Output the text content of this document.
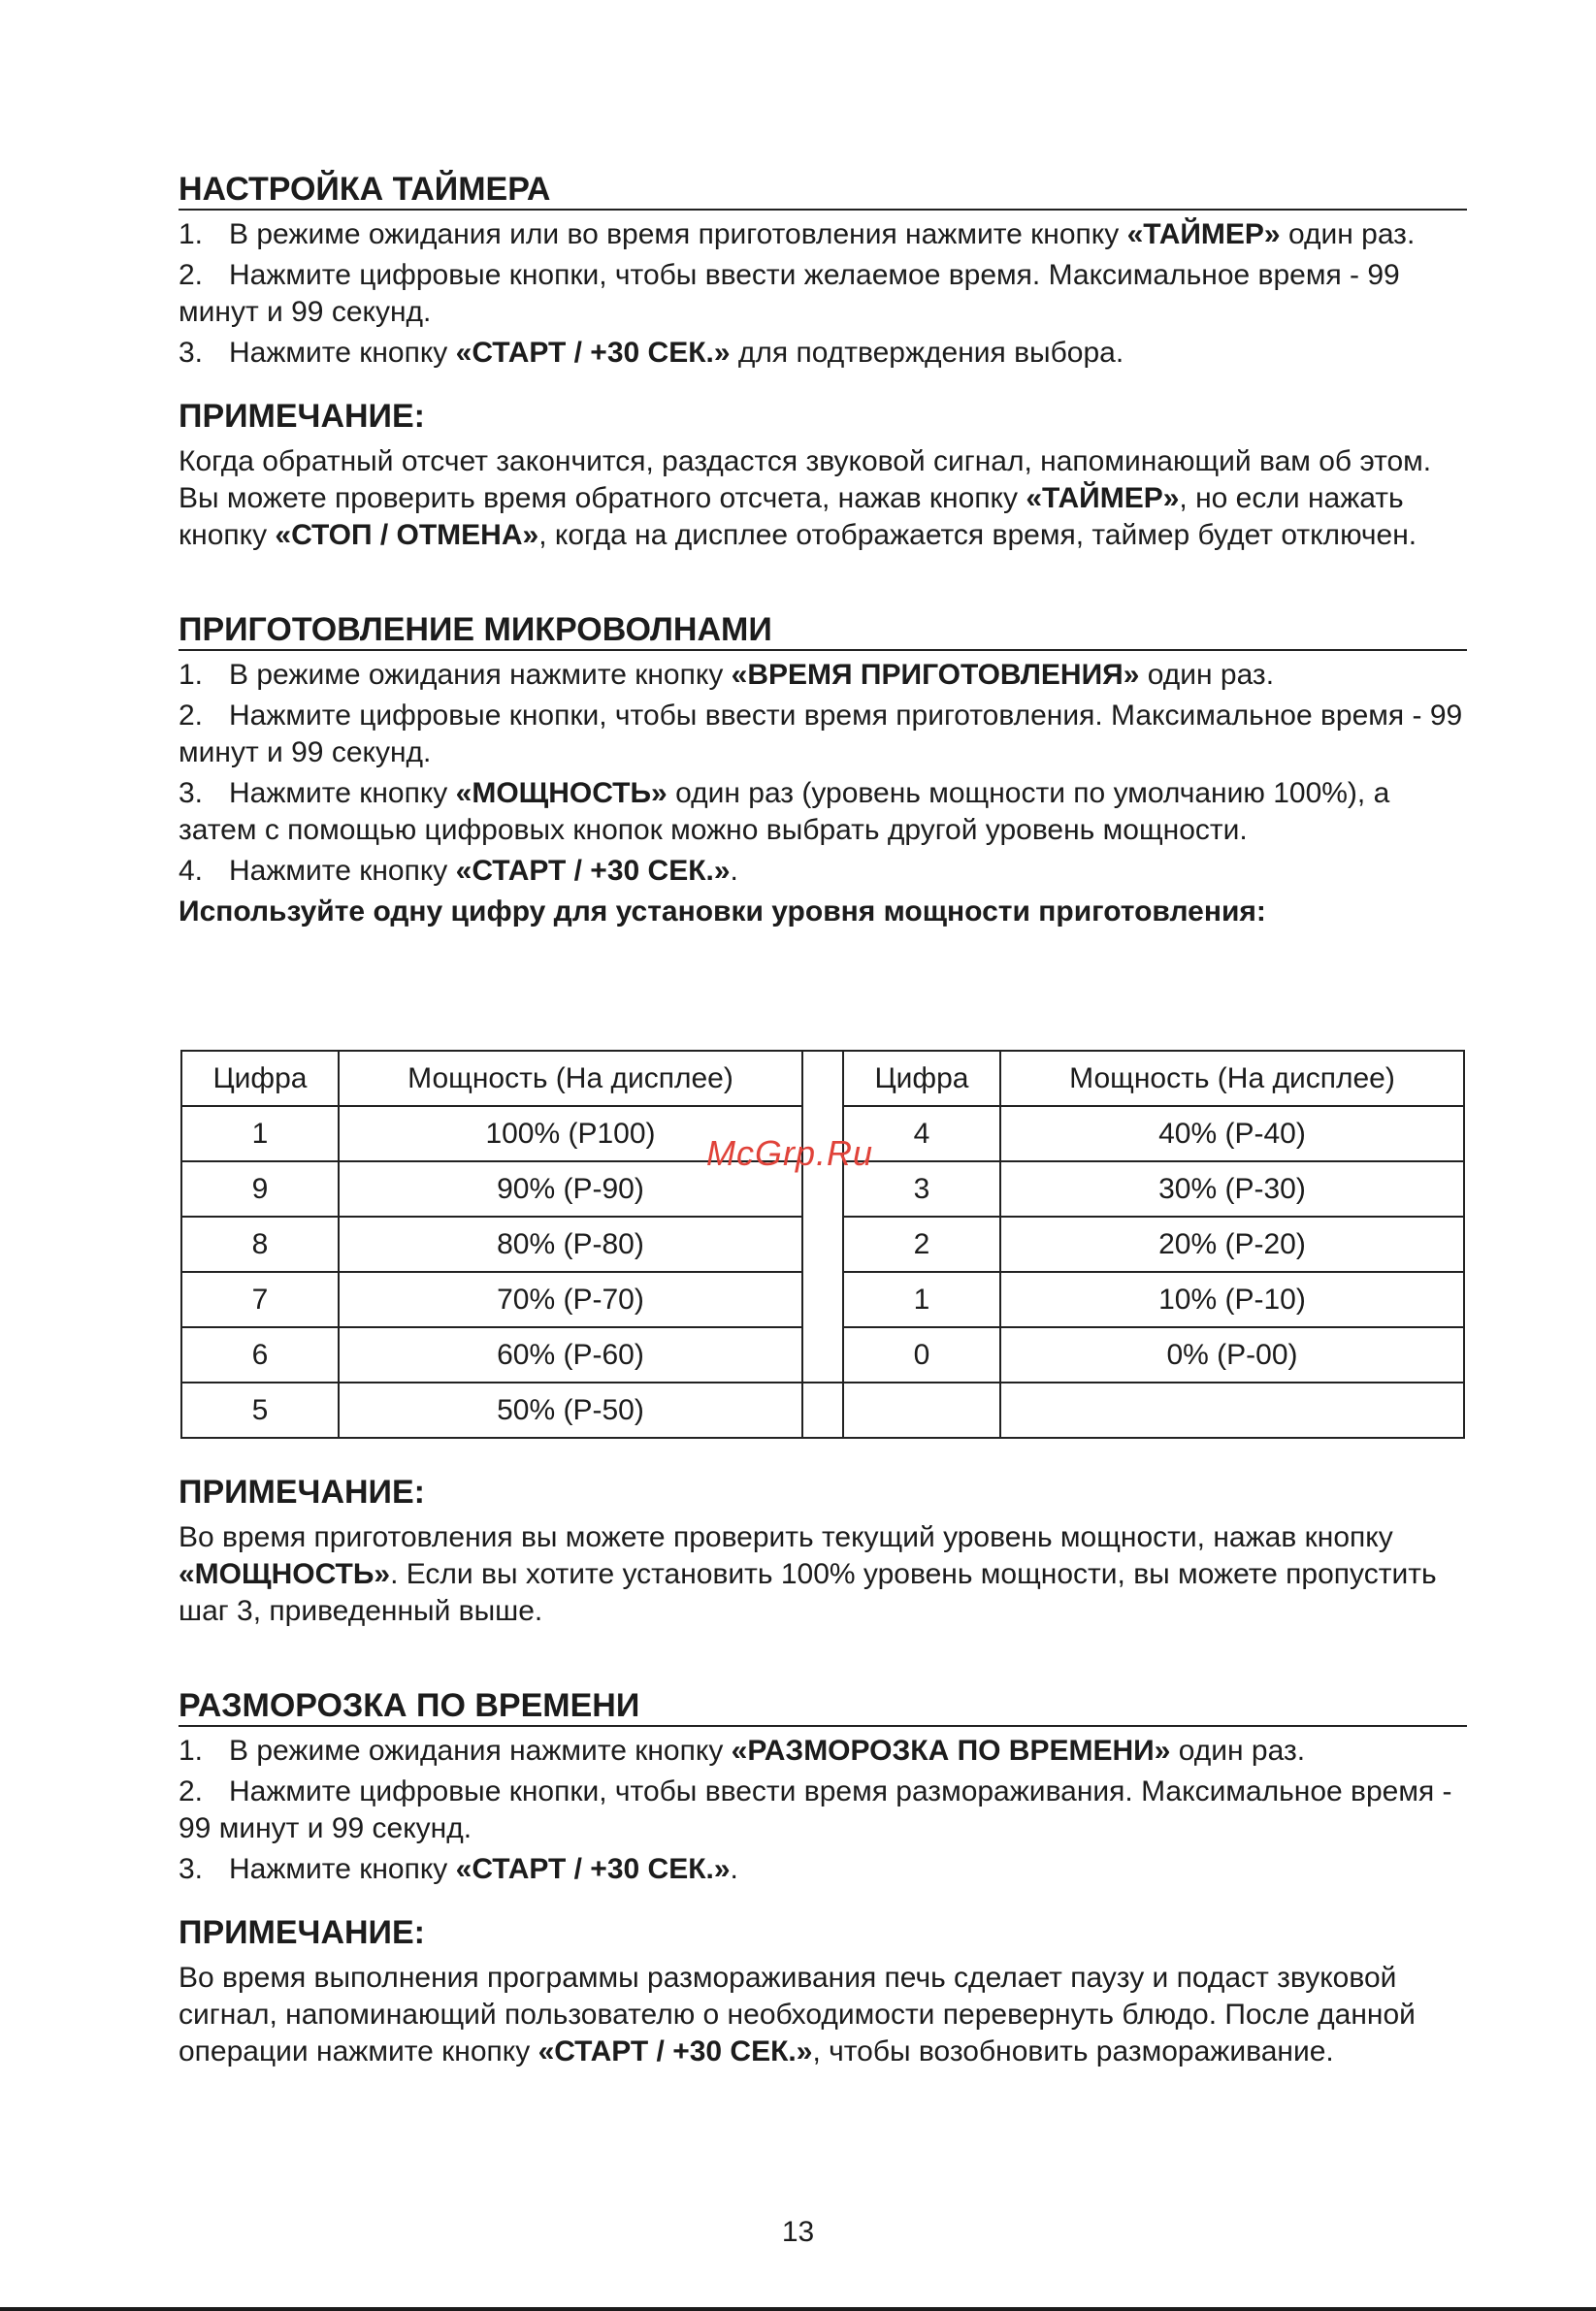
НАСТРОЙКА ТАЙМЕРА
1. В режиме ожидания или во время приготовления нажмите кнопку «ТАЙМЕР» один раз.
2. Нажмите цифровые кнопки, чтобы ввести желаемое время. Максимальное время - 99 минут и 99 секунд.
3. Нажмите кнопку «СТАРТ / +30 СЕК.» для подтверждения выбора.
ПРИМЕЧАНИЕ:

Когда обратный отсчет закончится, раздастся звуковой сигнал, напоминающий вам об этом. Вы можете проверить время обратного отсчета, нажав кнопку «ТАЙМЕР», но если нажать кнопку «СТОП / ОТМЕНА», когда на дисплее отображается время, таймер будет отключен.

ПРИГОТОВЛЕНИЕ МИКРОВОЛНАМИ
1. В режиме ожидания нажмите кнопку «ВРЕМЯ ПРИГОТОВЛЕНИЯ» один раз.
2. Нажмите цифровые кнопки, чтобы ввести время приготовления. Максимальное время - 99 минут и 99 секунд.
3. Нажмите кнопку «МОЩНОСТЬ» один раз (уровень мощности по умолчанию 100%), а затем с помощью цифровых кнопок можно выбрать другой уровень мощности.
4. Нажмите кнопку «СТАРТ / +30 СЕК.».
Используйте одну цифру для установки уровня мощности приготовления:
Цифра	Мощность (На дисплее)		Цифра	Мощность (На дисплее)
1	100% (P100)		4	40% (P-40)
9	90% (P-90)		3	30% (P-30)
8	80% (P-80)		2	20% (P-20)
7	70% (P-70)		1	10% (P-10)
6	60% (P-60)		0	0% (P-00)
5	50% (P-50)			
McGrp.Ru
ПРИМЕЧАНИЕ:

Во время приготовления вы можете проверить текущий уровень мощности, нажав кнопку «МОЩНОСТЬ». Если вы хотите установить 100% уровень мощности, вы можете пропустить шаг 3, приведенный выше.

РАЗМОРОЗКА ПО ВРЕМЕНИ
1. В режиме ожидания нажмите кнопку «РАЗМОРОЗКА ПО ВРЕМЕНИ» один раз.
2. Нажмите цифровые кнопки, чтобы ввести время размораживания. Максимальное время - 99 минут и 99 секунд.
3. Нажмите кнопку «СТАРТ / +30 СЕК.».
ПРИМЕЧАНИЕ:

Во время выполнения программы размораживания печь сделает паузу и подаст звуковой сигнал, напоминающий пользователю о необходимости перевернуть блюдо. После данной операции нажмите кнопку «СТАРТ / +30 СЕК.», чтобы возобновить размораживание.

13
